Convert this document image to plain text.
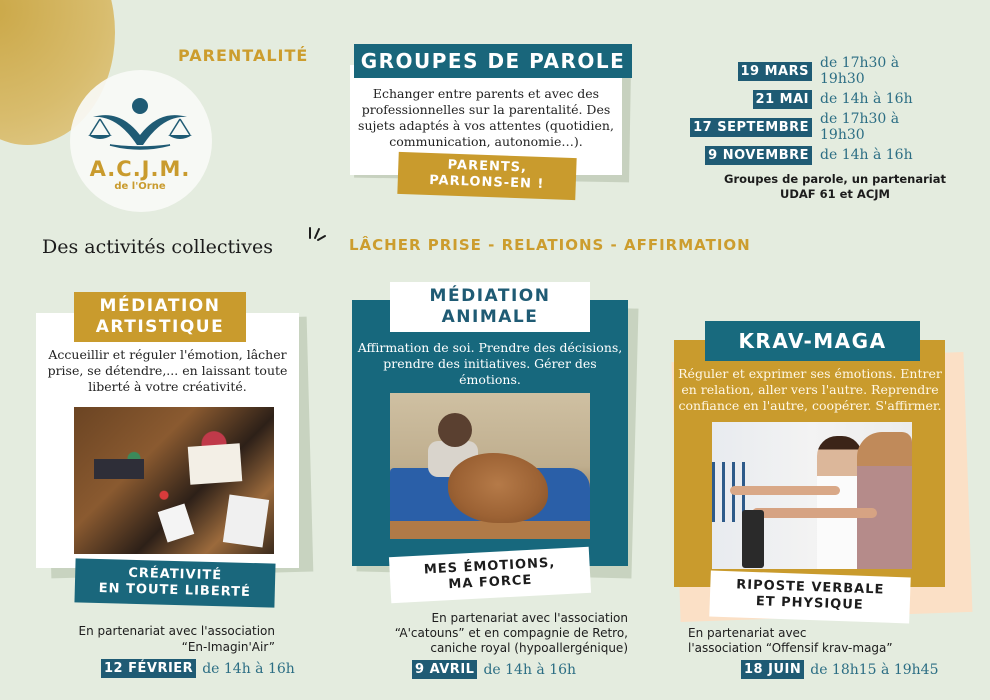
A.C.J.M.
de l'Orne
PARENTALITÉ	GROUPES DE PAROLE
Echanger entre parents et avec des professionnelles sur la parentalité. Des sujets adaptés à vos attentes (quotidien, communication, autonomie…).
PARENTS,
PARLONS-EN !
19 MARS de 17h30 à 19h30
21 MAI de 14h à 16h
17 SEPTEMBRE de 17h30 à 19h30
9 NOVEMBRE de 14h à 16h
Groupes de parole, un partenariat
UDAF 61 et ACJM
Des activités collectives	LÂCHER PRISE - RELATIONS - AFFIRMATION
MÉDIATION
ARTISTIQUE
Accueillir et réguler l'émotion, lâcher prise, se détendre,... en laissant toute liberté à votre créativité.
CRÉATIVITÉ
EN TOUTE LIBERTÉ
En partenariat avec l'association
“En-Imagin'Air”
12 FÉVRIER de 14h à 16h
MÉDIATION
ANIMALE
Affirmation de soi. Prendre des décisions, prendre des initiatives. Gérer des émotions.
MES ÉMOTIONS,
MA FORCE
En partenariat avec l'association
“A'catouns” et en compagnie de Retro,
caniche royal (hypoallergénique)
9 AVRIL de 14h à 16h
KRAV-MAGA
Réguler et exprimer ses émotions. Entrer en relation, aller vers l'autre. Reprendre confiance en l'autre, coopérer. S'affirmer.
RIPOSTE VERBALE
ET PHYSIQUE
En partenariat avec
l'association “Offensif krav-maga”
18 JUIN de 18h15 à 19h45
